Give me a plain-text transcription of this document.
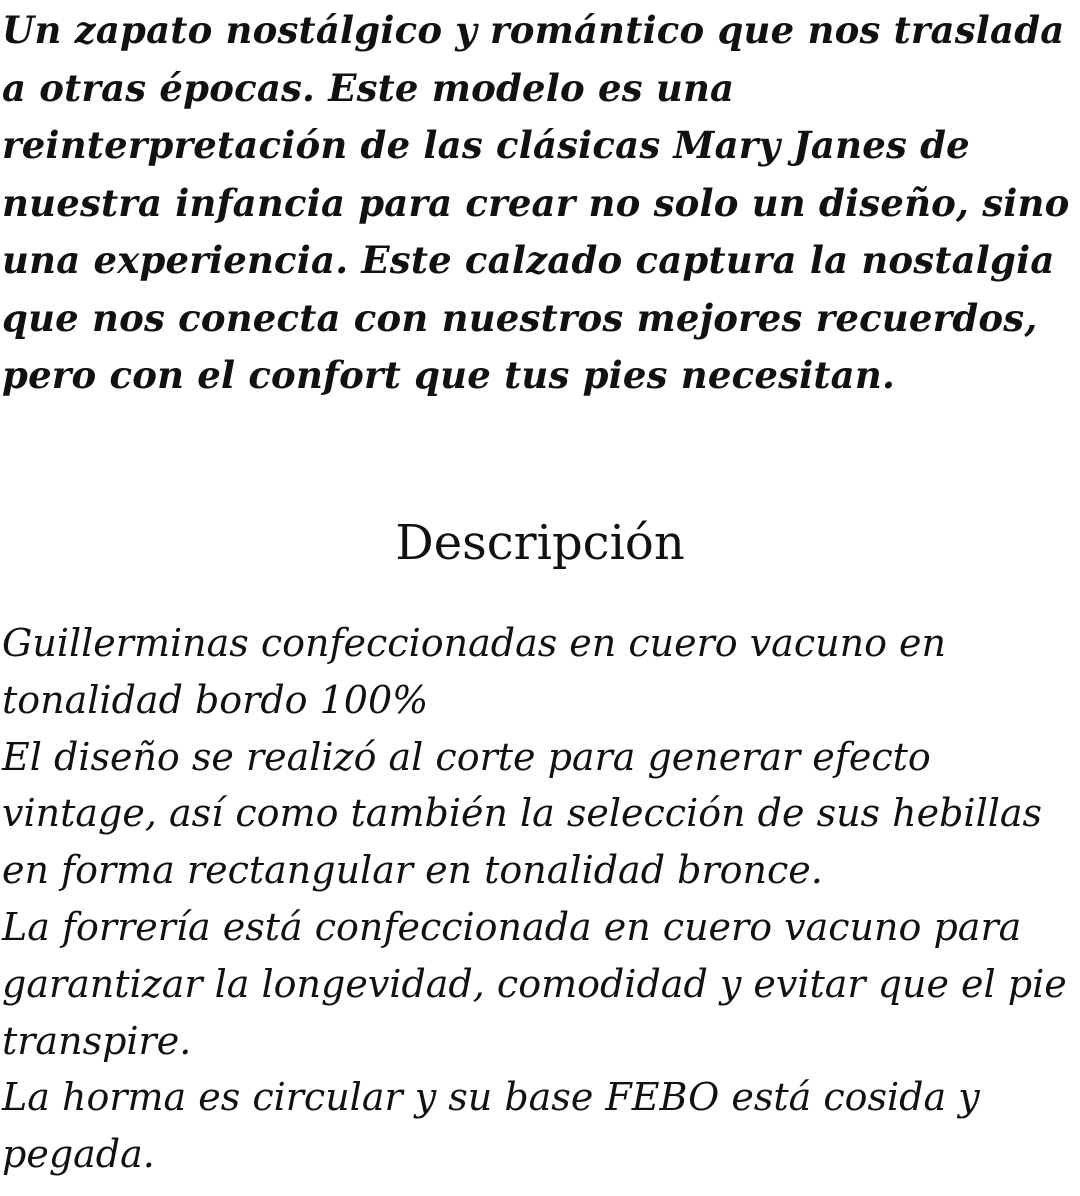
Un zapato nostálgico y romántico que nos traslada a otras épocas. Este modelo es una reinterpretación de las clásicas Mary Janes de nuestra infancia para crear no solo un diseño, sino una experiencia. Este calzado captura la nostalgia que nos conecta con nuestros mejores recuerdos, pero con el confort que tus pies necesitan.

Descripción
Guillerminas confeccionadas en cuero vacuno en tonalidad bordo 100%
El diseño se realizó al corte para generar efecto vintage, así como también la selección de sus hebillas en forma rectangular en tonalidad bronce.
La forrería está confeccionada en cuero vacuno para garantizar la longevidad, comodidad y evitar que el pie transpire.
La horma es circular y su base FEBO está cosida y pegada.
